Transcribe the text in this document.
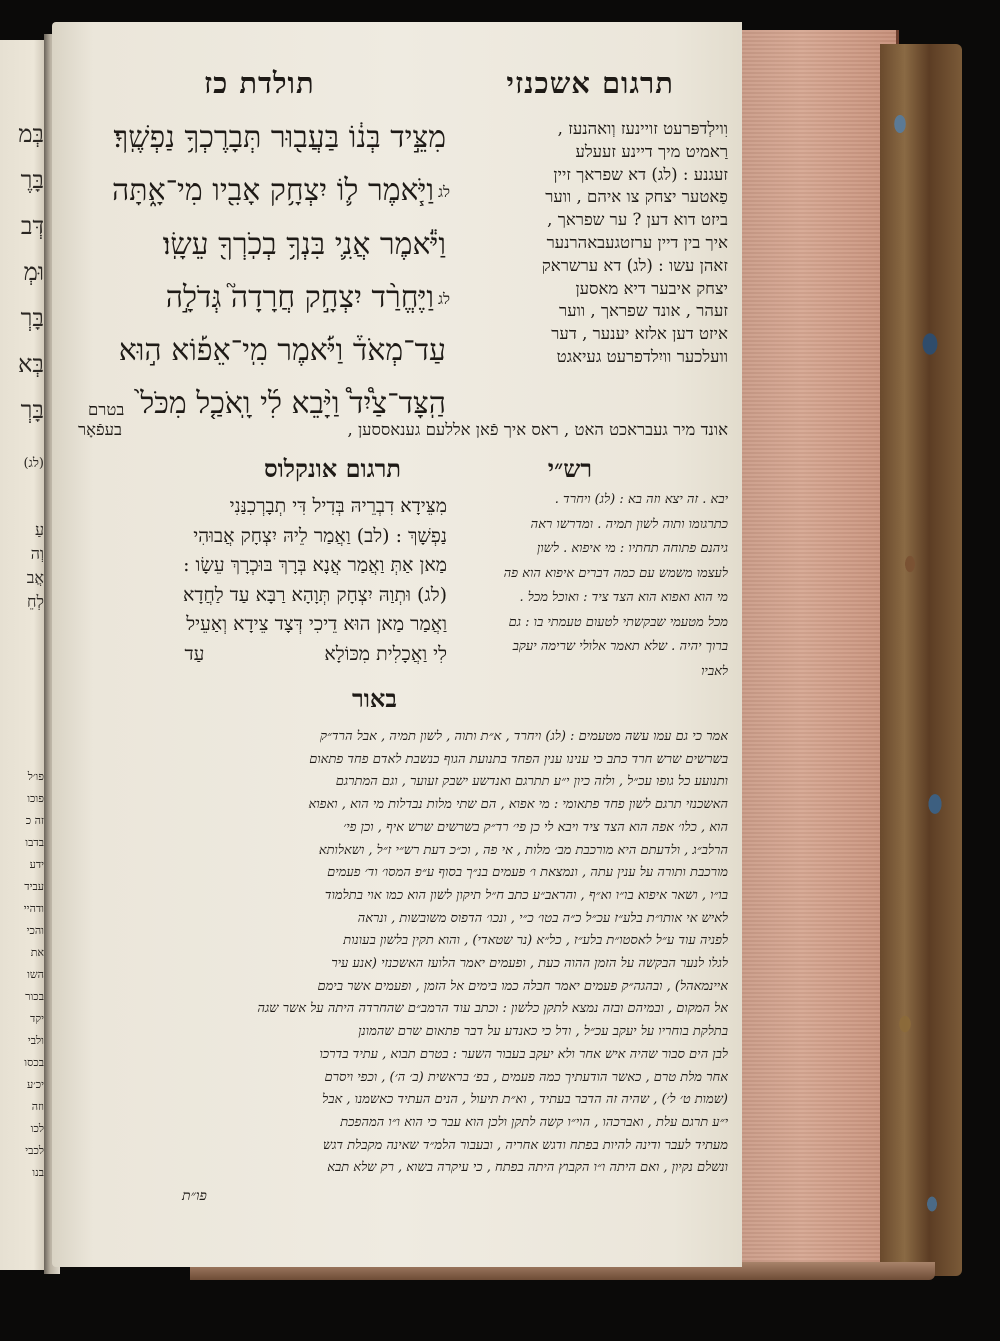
בְּמ
בָּרֶ
דְּב
וּמְ
בָּרְ
בְּא
בָּרְ
(לג)
עַ
וְה
אֲב
לְחֵ
פו׳ל
פוכו
זה כ
בדבו
ידע
עביד
ודהיי
והכי
את
השו
בכור
יקד
ולבי
בכסו
יכ׳ע
וזה
לכו
לכבי
בנו
תרגום אשכנזי
תולדת כז
וִוילְדפּרעט זויינעז וְואהנעז ,
רַאמיט מיך דיינע זעעלע
זעגנע : (לג) דא שפראך זיין
פַאטער יצחק צו איהם , ווער
ביזט דוא דען ? ער שפראך ,
איך בין דיין ערזטגעבאהרנער
זאהן עשו : (לג) דא ערשראק
יצחק איבער דיא מאסען
זעהר , אונד שפראך , ווער
איזט דען אלזא יענער , דער
וועלכער וויִלדפרעט געיאגט
מִצֵּ֣יד בְּנ֔וֹ בַּעֲב֖וּר תְּבָרֶכְךָ֥ נַפְשֶֽׁךָ׃
לגוַיֹּ֧אמֶר ל֛וֹ יִצְחָ֥ק אָבִ֖יו מִי־אָ֑תָּה
וַיֹּ֕אמֶר אֲנִ֛י בִּנְךָ֥ בְכֹֽרְךָ֖ עֵשָֽׂו׃
לגוַיֶּחֱרַ֨ד יִצְחָ֣ק חֲרָדָה֮ גְּדֹלָ֣ה
עַד־מְאֹד֒ וַיֹּ֡אמֶר מִֽי־אֵפ֡וֹא ה֣וּא
הַֽצָּד־צַ֩יִד֩ וַיָּ֨בֵא לִ֜י וָֽאֹכַ֤ל מִכֹּל֙
אונד מיר געבראכט האט , ראס איך פֿאן אללעם גענאססען ,
בטרם
בעפֿאָר
רש״י
תרגום אונקלוס
יבא . זה יצא וזה בא : (לג) ויחרד .
כתרגומו ותוה לשון תמיה . ומדרשו ראה
גיהנם פתוחה תחתיו : מי איפוא . לשון
לעצמו משמש עם כמה דברים איפוא הוא פה
מי הוא ואפוא הוא הצד ציד : ואוכל מכל .
מכל מטעמי שבקשתי לטעום טעמתי בו : גם
ברוך יהיה . שלא תאמר אלולי שרימה יעקב
לאביו
מִצֵּידָא דִבְרֵיהּ בְּדִיל דִּי תְבָרְכִנַּנִי
נַפְשָׁךְ : (לב) וַאֲמַר לֵיהּ יִצְחָק אֲבוּהִי
מַאן אַתְּ וַאֲמַר אֲנָא בְּרָךְ בּוּכְרָךְ עֵשָׂו :
(לג) וּתְוַהּ יִצְחָק תְּוָהָא רַבָּא עַד לַחֲדָא
וַאֲמַר מַאן הוּא דֵיכִי דְּצָד צֵידָא וְאַעֵיל
לִי וַאֲכָלִית מִכּוֹלָאעַד
באור
אמר כי גם עמו עשה מטעמים : (לג) ויחרד , א״ת ותוה , לשון תמיה , אבל הרד״ק
בשרשים שרש חרד כתב כי ענינו ענין הפחד בתנועת הגוף כנשבת לאדם פחד פתאום
ותנועע כל גופו עכ״ל , ולזה כיון י״ע תתרגם ואנדשע ישבק זעוער , וגם המתרגם
האשכנזי תרגם לשון פחד פתאומי : מי אפוא , הם שתי מלות נבדלות מי הוא , ואפוא
הוא , כלו׳ אפה הוא הצד ציד ויבא לי כן פי׳ רד״ק בשרשים שרש איף , וכן פי׳
הרלב״ג , ולדעתם היא מורכבת מב׳ מלות , אי פה , וכ״כ דעת רש״י ז״ל , ושאלותא
מורכבת ותורה על ענין עתה , ונמצאת ו׳ פעמים בנ״ך בסוף ע״פ המסו׳ וד׳ פעמים
בו״ו , ושאר איפוא בו״ו וא״ף , והראב״ע כתב ח״ל תיקון לשון הוא כמו אוי בתלמוד
לאיש אי אותו״ת בלע״ז עכ״ל כ״ה בטו׳ כ״י , ונכו׳ הדפוס משובשות , ונראה
לפניה עוד ע״ל לאסטו״ת בלע״ז , כל״א (נר שטאדי) , והוא תקין בלשון בעונות
לגלו לנער הבקשה על הזמן ההוה כעת , ופעמים יאמר הלועז האשכנזי (אנע עיר
איינמאהל) , ובהגה״ק פעמים יאמר חבלה כמו בימים אל הזמן , ופעמים אשר בימם
אל המקום , ובמיהם ובזה נמצא לתקן כלשון : וכתב עוד הרמב״ם שהחרדה היתה על אשר שגה
בתלקת בוחריו על יעקב עכ״ל , ודל כי כאנדע על דבר פתאום שרם שהמונן
לבן הים סבור שהיה איש אחר ולא יעקב בעבור השער : בטרם תבוא , עתיד בדרכו
אחר מלת טרם , כאשר הודעתיך כמה פעמים , בפ׳ בראשית (ב׳ ה׳) , וכפי ויסרם
(שמות ט׳ ל׳) , שהיה זה הדבר בעתיד , וא״ת תיעול , הנים העתיד כאשמנו , אבל
י״ע תרגם עלת , ואברכהו , הוי״ו קשה לתקן ולכן הוא עבר כי הוא ו״ו המהפכת
מעתיד לעבר ודינה להיות בפתח ודגש אחריה , ובעבור הלמ״ד שאינה מקבלת דגש
ונשלם נקיון , ואם היתה ו״ו הקבוץ היתה בפתח , כי עיקרה בשוא , רק שלא תבא
פו״ת
